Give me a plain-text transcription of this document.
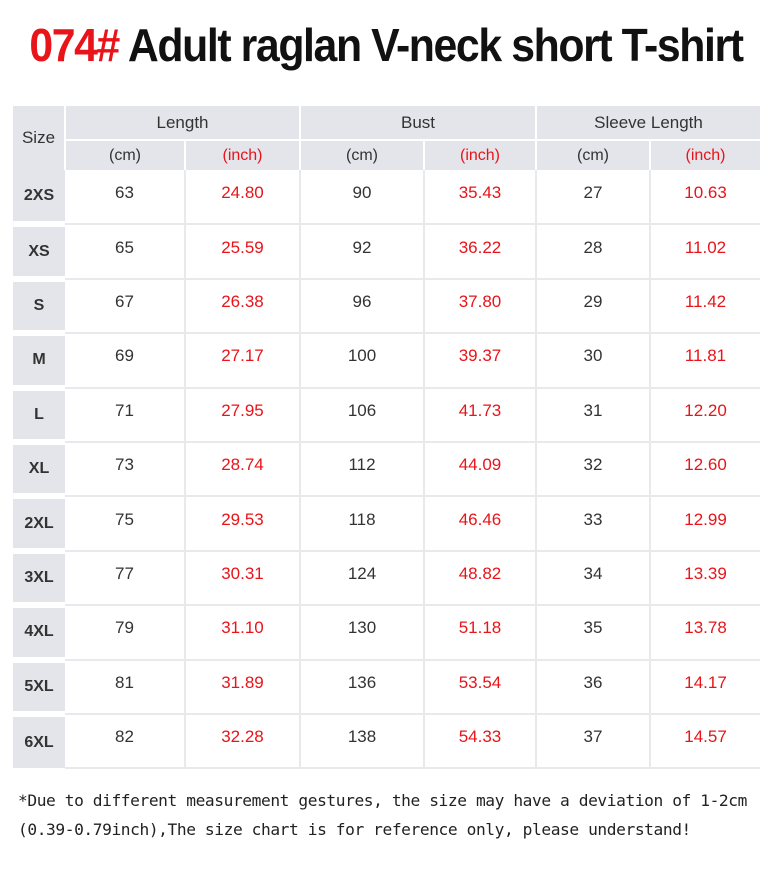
074# Adult raglan V-neck short T-shirt
Size	Length		Bust		Sleeve Length	
	(cm)	(inch)	(cm)	(inch)	(cm)	(inch)
2XS	63	24.80	90	35.43	27	10.63
XS	65	25.59	92	36.22	28	11.02
S	67	26.38	96	37.80	29	11.42
M	69	27.17	100	39.37	30	11.81
L	71	27.95	106	41.73	31	12.20
XL	73	28.74	112	44.09	32	12.60
2XL	75	29.53	118	46.46	33	12.99
3XL	77	30.31	124	48.82	34	13.39
4XL	79	31.10	130	51.18	35	13.78
5XL	81	31.89	136	53.54	36	14.17
6XL	82	32.28	138	54.33	37	14.57
*Due to different measurement gestures, the size may have a deviation of 1-2cm
(0.39-0.79inch),The size chart is for reference only, please understand!
